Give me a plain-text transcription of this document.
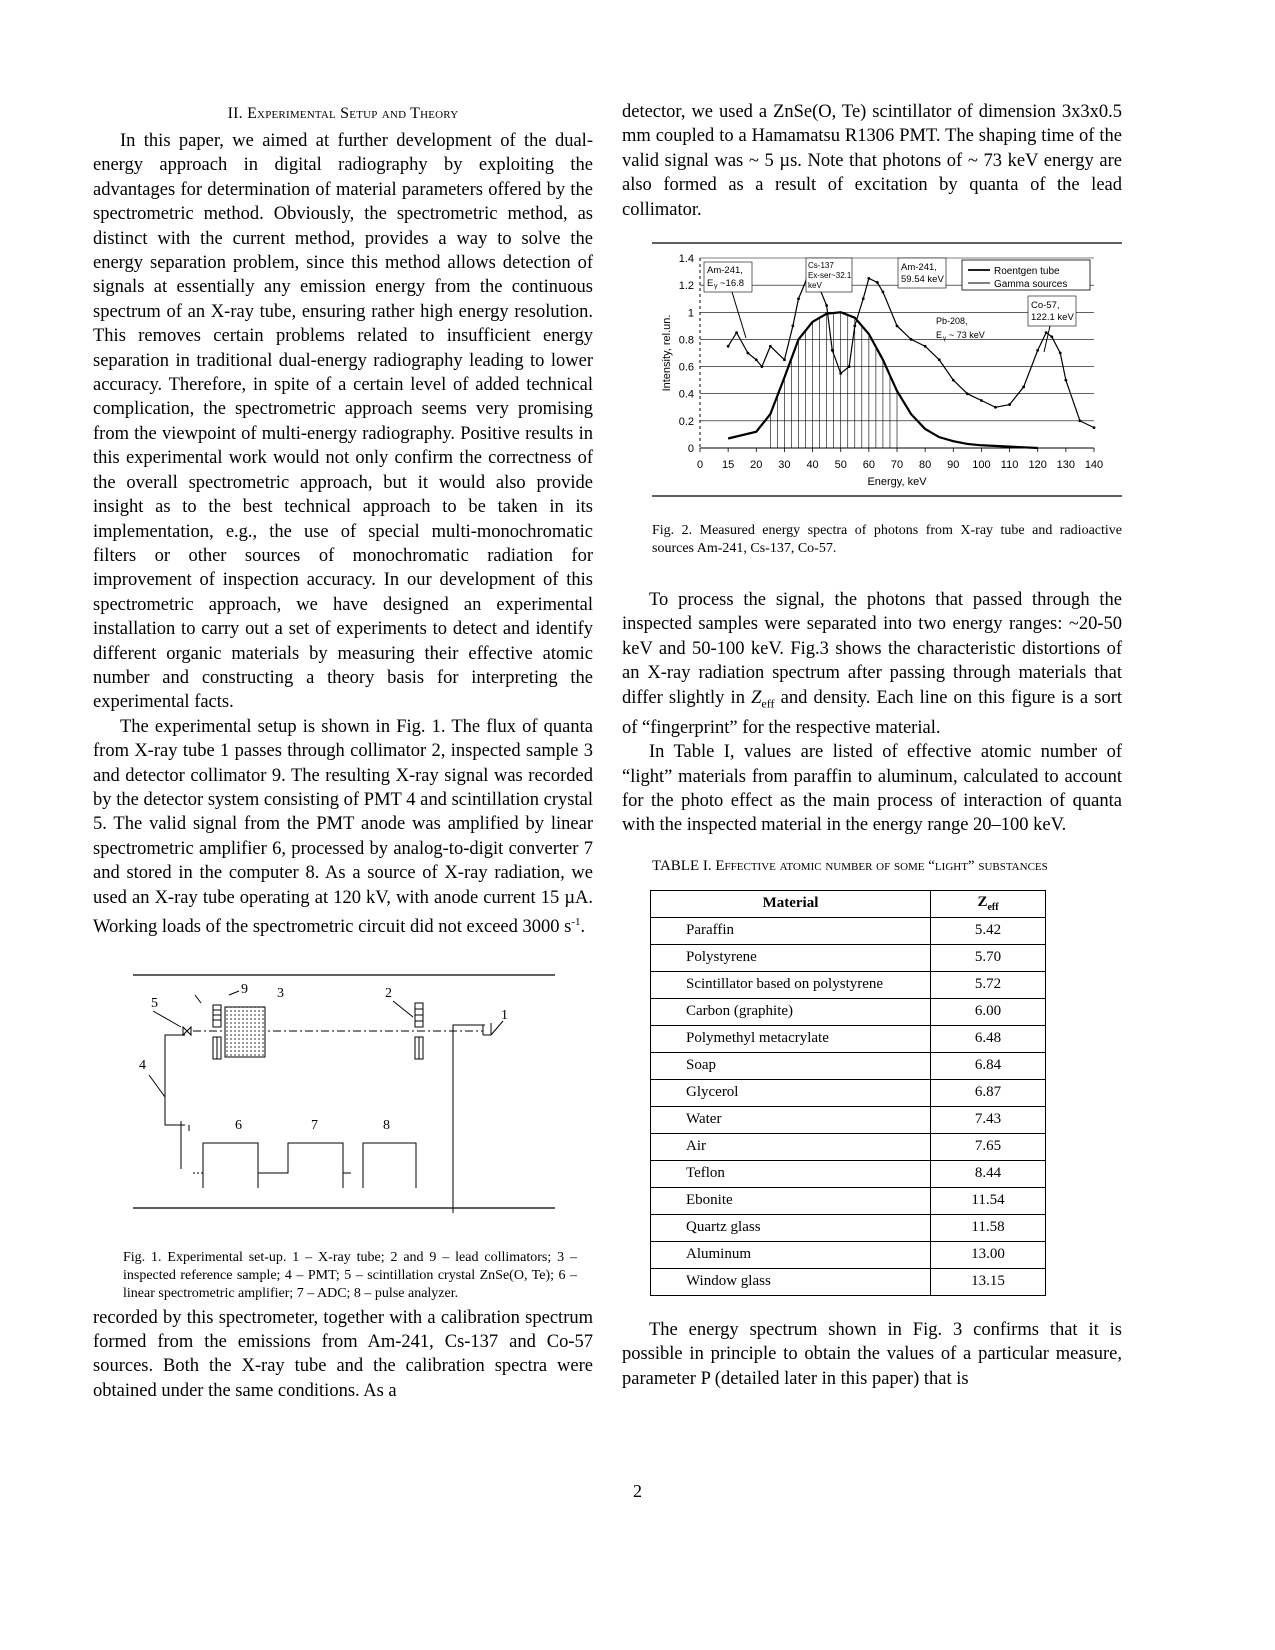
II. Experimental Setup and Theory

In this paper, we aimed at further development of the dual-energy approach in digital radiography by exploiting the advantages for determination of material parameters offered by the spectrometric method. Obviously, the spectrometric method, as distinct with the current method, provides a way to solve the energy separation problem, since this method allows detection of signals at essentially any emission energy from the continuous spectrum of an X-ray tube, ensuring rather high energy resolution. This removes certain problems related to insufficient energy separation in traditional dual-energy radiography leading to lower accuracy. Therefore, in spite of a certain level of added technical complication, the spectrometric approach seems very promising from the viewpoint of multi-energy radiography. Positive results in this experimental work would not only confirm the correctness of the overall spectrometric approach, but it would also provide insight as to the best technical approach to be taken in its implementation, e.g., the use of special multi-monochromatic filters or other sources of monochromatic radiation for improvement of inspection accuracy. In our development of this spectrometric approach, we have designed an experimental installation to carry out a set of experiments to detect and identify different organic materials by measuring their effective atomic number and constructing a theory basis for interpreting the experimental facts.

The experimental setup is shown in Fig. 1. The flux of quanta from X-ray tube 1 passes through collimator 2, inspected sample 3 and detector collimator 9. The resulting X-ray signal was recorded by the detector system consisting of PMT 4 and scintillation crystal 5. The valid signal from the PMT anode was amplified by linear spectrometric amplifier 6, processed by analog-to-digit converter 7 and stored in the computer 8. As a source of X-ray radiation, we used an X-ray tube operating at 120 kV, with anode current 15 µA. Working loads of the spectrometric circuit did not exceed 3000 $s^{-1}$.

1
2
3
4
5
6	7	8
9

Fig. 1. Experimental set-up. 1 – X-ray tube; 2 and 9 – lead collimators; 3 – inspected reference sample; 4 – PMT; 5 – scintillation crystal ZnSe(O, Te); 6 – linear spectrometric amplifier; 7 – ADC; 8 – pulse analyzer.

recorded by this spectrometer, together with a calibration spectrum formed from the emissions from Am-241, Cs-137 and Co-57 sources. Both the X-ray tube and the calibration spectra were obtained under the same conditions. As a

detector, we used a ZnSe(O, Te) scintillator of dimension 3x3x0.5 mm coupled to a Hamamatsu R1306 PMT. The shaping time of the valid signal was ~ 5 µs. Note that photons of ~ 73 keV energy are also formed as a result of excitation by quanta of the lead collimator.

0
0.2
0.4
0.6
0.8
1
1.2
1.4
0 15 20 30 40 50 60 70 80 90 100 110 120 130 140
Energy, keV
Intensity, rel.un.
Roentgen tube
Gamma sources
Am-241,
E γ ~16.8
Cs-137
Ex-ser~32.1
keV
Am-241,
59.54 keV
Pb-208,
E γ ~ 73 keV
Co-57,
122.1 keV

Fig. 2. Measured energy spectra of photons from X-ray tube and radioactive sources Am-241, Cs-137, Co-57.

To process the signal, the photons that passed through the inspected samples were separated into two energy ranges: ~20-50 keV and 50-100 keV. Fig.3 shows the characteristic distortions of an X-ray radiation spectrum after passing through materials that differ slightly in $Z_{eff}$ and density. Each line on this figure is a sort of “fingerprint” for the respective material.

In Table I, values are listed of effective atomic number of “light” materials from paraffin to aluminum, calculated to account for the photo effect as the main process of interaction of quanta with the inspected material in the energy range 20–100 keV.

TABLE I. Effective atomic number of some “light” substances

Material	$Z_{eff}$
Paraffin	5.42
Polystyrene	5.70
Scintillator based on polystyrene	5.72
Carbon (graphite)	6.00
Polymethyl metacrylate	6.48
Soap	6.84
Glycerol	6.87
Water	7.43
Air	7.65
Teflon	8.44
Ebonite	11.54
Quartz glass	11.58
Aluminum	13.00
Window glass	13.15

The energy spectrum shown in Fig. 3 confirms that it is possible in principle to obtain the values of a particular measure, parameter P (detailed later in this paper) that is

2
